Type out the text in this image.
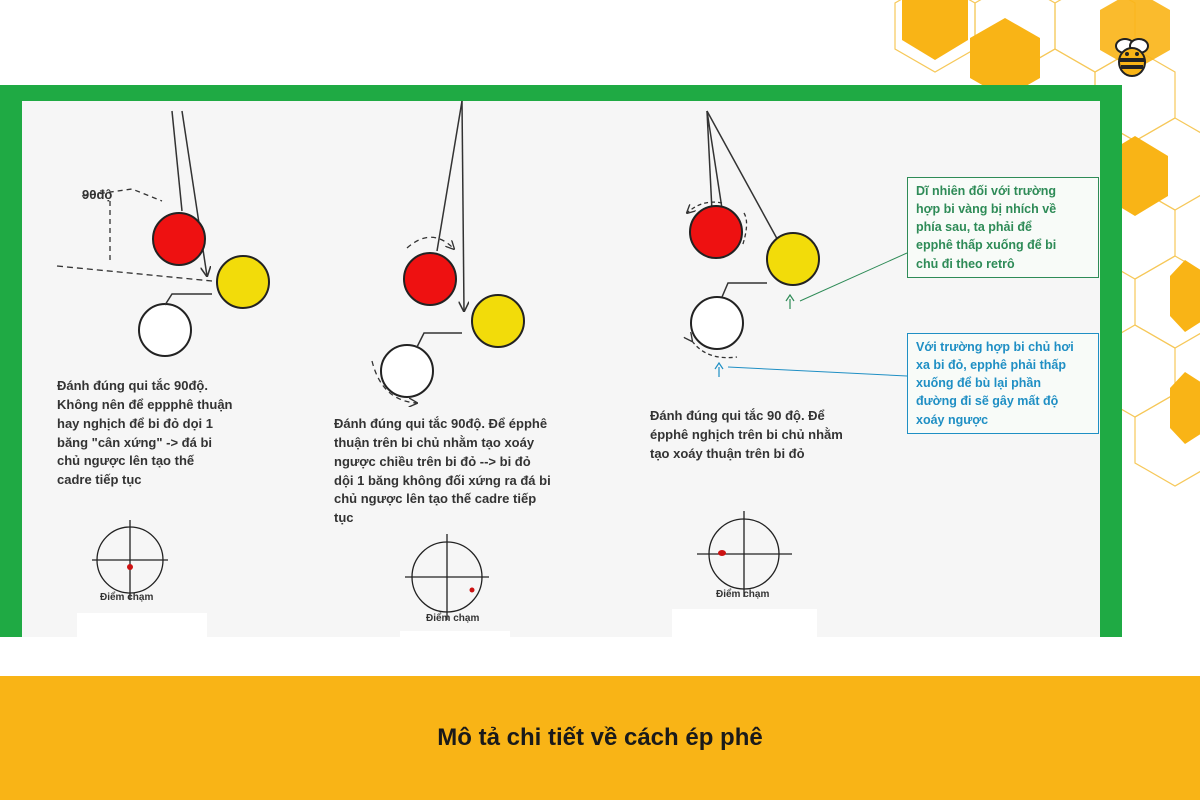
90độ
Đánh đúng qui tắc 90độ.
Không nên để eppphê thuận
hay nghịch để bi đỏ dọi 1
băng "cân xứng" -> đá bi
chủ ngược lên tạo thế
cadre tiếp tục
Đánh đúng qui tắc 90độ. Để épphê
thuận trên bi chủ nhằm tạo xoáy
ngược chiều trên bi đỏ --> bi đỏ
dội 1 băng không đối xứng ra đá bi
chủ ngược lên tạo thế cadre tiếp
tục
Đánh đúng qui tắc 90 độ. Để
épphê nghịch trên bi chủ nhằm
tạo xoáy thuận trên bi đỏ
Dĩ nhiên đối với trường
hợp bi vàng bị nhích về
phía sau, ta phải để
epphê thấp xuống để bi
chủ đi theo retrô
Với trường hợp bi chủ hơi
xa bi đỏ, epphê phải thấp
xuống để bù lại phần
đường đi sẽ gây mất độ
xoáy ngược
Điểm chạm
Điểm chạm
Điểm chạm
Mô tả chi tiết về cách ép phê
